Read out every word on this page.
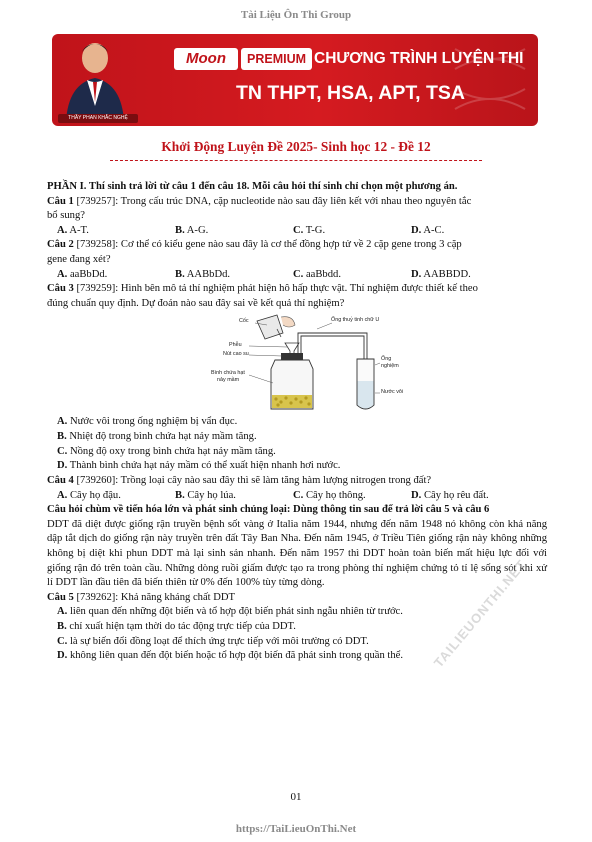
Tài Liệu Ôn Thi Group
THẦY PHAN KHẮC NGHỆ
Moon	PREMIUM CHƯƠNG TRÌNH LUYỆN THI
TN THPT, HSA, APT, TSA
Khởi Động Luyện Đề 2025- Sinh học 12 - Đề 12
PHẦN I. Thí sinh trả lời từ câu 1 đến câu 18. Mỗi câu hỏi thí sinh chỉ chọn một phương án.
Câu 1 [739257]: Trong cấu trúc DNA, cặp nucleotide nào sau đây liên kết với nhau theo nguyên tắc
bổ sung?
A. A-T.	B. A-G.	C. T-G.	D. A-C.
Câu 2 [739258]: Cơ thể có kiểu gene nào sau đây là cơ thể đồng hợp tử về 2 cặp gene trong 3 cặp
gene đang xét?
A. aaBbDd.	B. AABbDd.	C. aaBbdd.	D. AABBDD.
Câu 3 [739259]: Hình bên mô tả thí nghiệm phát hiện hô hấp thực vật. Thí nghiệm được thiết kế theo
đúng chuẩn quy định. Dự đoán nào sau đây sai về kết quả thí nghiệm?
Cốc	Ống thuỷ tinh chữ U
Phễu
Nút cao su
Ống
nghiệm
Bình chứa hạt
nảy mầm
Nước vôi
A. Nước vôi trong ống nghiệm bị vẩn đục.
B. Nhiệt độ trong bình chứa hạt nảy mầm tăng.
C. Nồng độ oxy trong bình chứa hạt nảy mầm tăng.
D. Thành bình chứa hạt nảy mầm có thể xuất hiện nhanh hơi nước.
Câu 4 [739260]: Trồng loại cây nào sau đây thì sẽ làm tăng hàm lượng nitrogen trong đất?
A. Cây họ đậu.	B. Cây họ lúa.	C. Cây họ thông.	D. Cây họ rêu đất.
Câu hỏi chùm về tiến hóa lớn và phát sinh chủng loại: Dùng thông tin sau để trả lời câu 5 và câu 6
DDT đã diệt được giống rận truyền bệnh sốt vàng ở Italia năm 1944, nhưng đến năm 1948 nó không còn khả năng dập tắt dịch do giống rận này truyền trên đất Tây Ban Nha. Đến năm 1945, ở Triều Tiên giống rận này không những không bị diệt khi phun DDT mà lại sinh sản nhanh. Đến năm 1957 thì DDT hoàn toàn biến mất hiệu lực đối với giống rận đó trên toàn cầu. Những dòng ruồi giấm được tạo ra trong phòng thí nghiệm chứng tỏ tỉ lệ sống sót khi xử lí DDT lần đầu tiên đã biến thiên từ 0% đến 100% tùy từng dòng.
Câu 5 [739262]: Khả năng kháng chất DDT
A. liên quan đến những đột biến và tổ hợp đột biến phát sinh ngẫu nhiên từ trước.
B. chỉ xuất hiện tạm thời do tác động trực tiếp của DDT.
C. là sự biến đổi đồng loạt để thích ứng trực tiếp với môi trường có DDT.
D. không liên quan đến đột biến hoặc tổ hợp đột biến đã phát sinh trong quần thể.	TAILIEUONTHI.NET
01
https://TaiLieuOnThi.Net
